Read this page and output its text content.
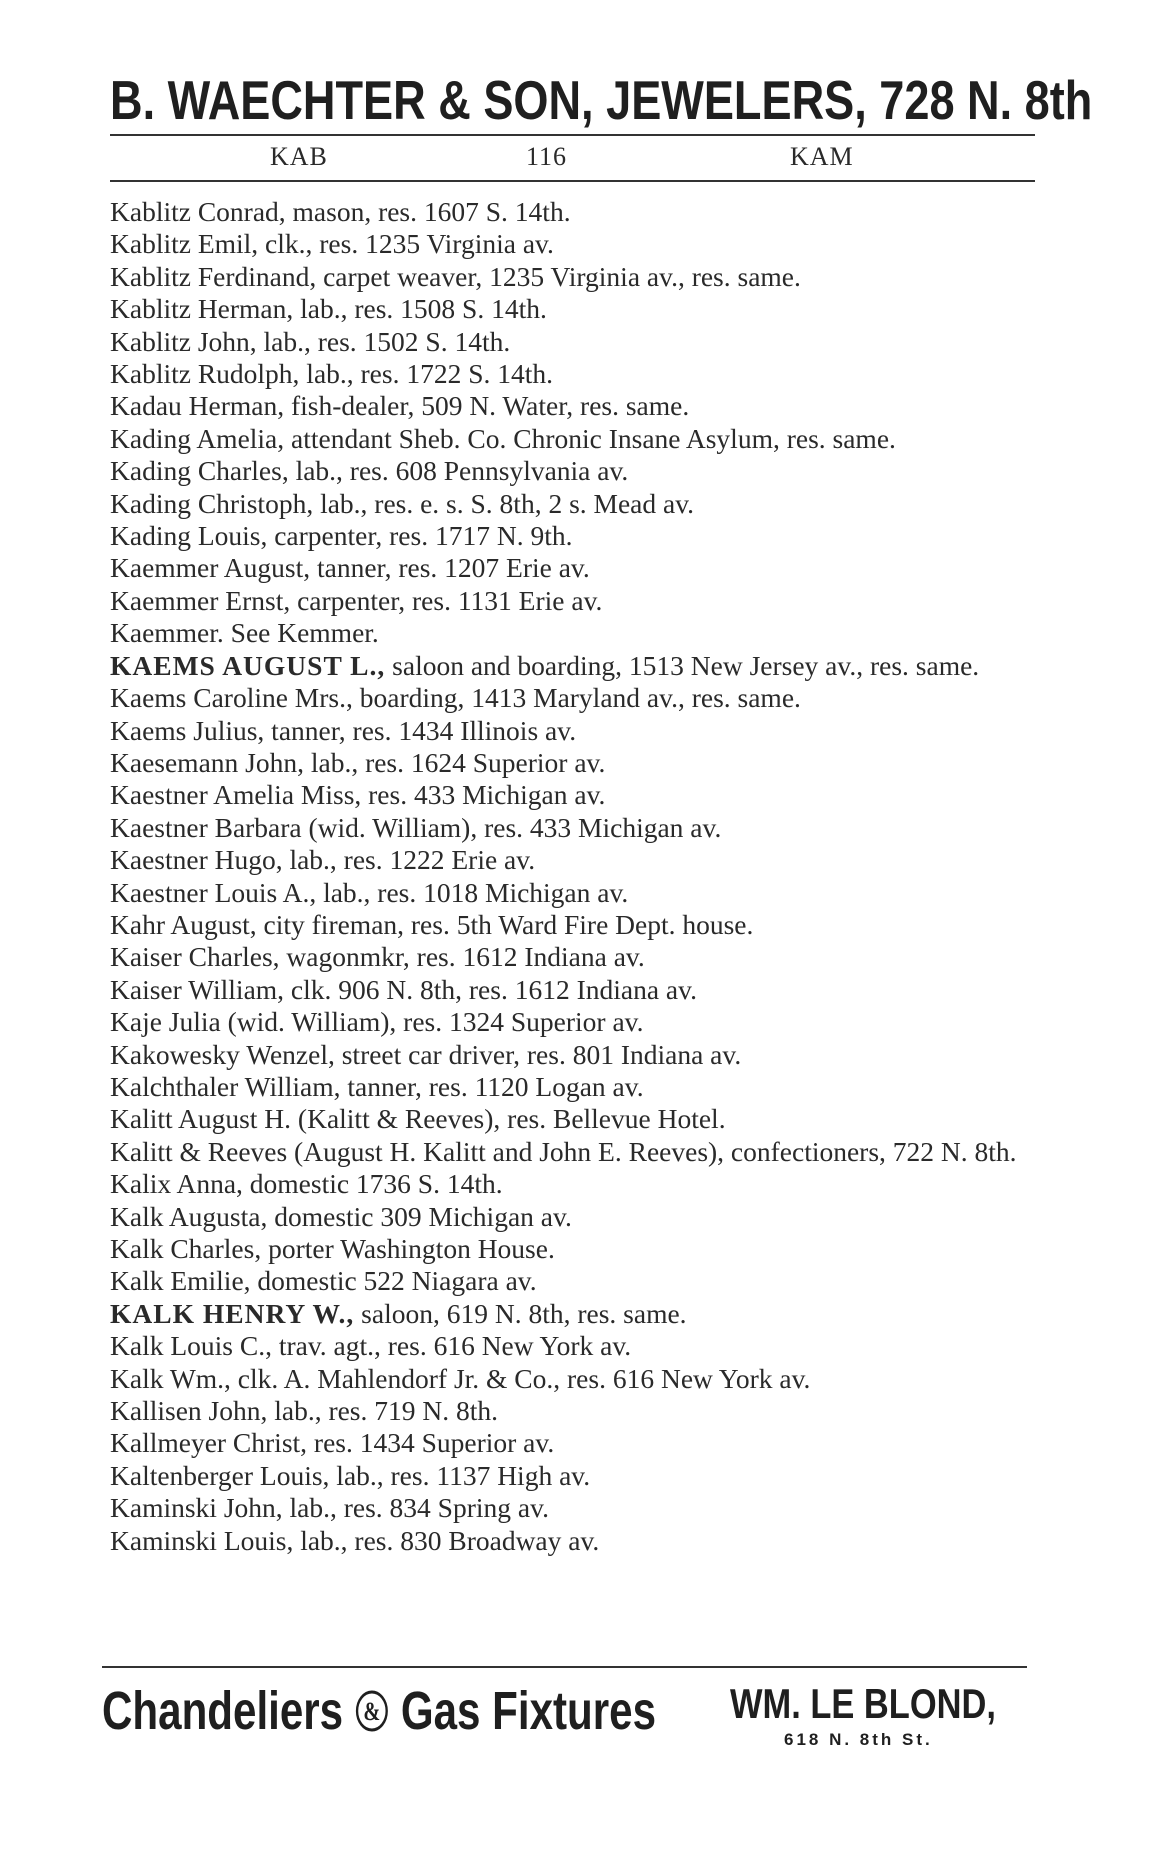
B. WAECHTER & SON, JEWELERS, 728 N. 8th
KAB	116	KAM

Kablitz Conrad, mason, res. 1607 S. 14th.

Kablitz Emil, clk., res. 1235 Virginia av.

Kablitz Ferdinand, carpet weaver, 1235 Virginia av., res. same.

Kablitz Herman, lab., res. 1508 S. 14th.

Kablitz John, lab., res. 1502 S. 14th.

Kablitz Rudolph, lab., res. 1722 S. 14th.

Kadau Herman, fish-dealer, 509 N. Water, res. same.

Kading Amelia, attendant Sheb. Co. Chronic Insane Asylum, res. same.

Kading Charles, lab., res. 608 Pennsylvania av.

Kading Christoph, lab., res. e. s. S. 8th, 2 s. Mead av.

Kading Louis, carpenter, res. 1717 N. 9th.

Kaemmer August, tanner, res. 1207 Erie av.

Kaemmer Ernst, carpenter, res. 1131 Erie av.

Kaemmer. See Kemmer.

KAEMS AUGUST L., saloon and boarding, 1513 New Jersey av., res. same.

Kaems Caroline Mrs., boarding, 1413 Maryland av., res. same.

Kaems Julius, tanner, res. 1434 Illinois av.

Kaesemann John, lab., res. 1624 Superior av.

Kaestner Amelia Miss, res. 433 Michigan av.

Kaestner Barbara (wid. William), res. 433 Michigan av.

Kaestner Hugo, lab., res. 1222 Erie av.

Kaestner Louis A., lab., res. 1018 Michigan av.

Kahr August, city fireman, res. 5th Ward Fire Dept. house.

Kaiser Charles, wagonmkr, res. 1612 Indiana av.

Kaiser William, clk. 906 N. 8th, res. 1612 Indiana av.

Kaje Julia (wid. William), res. 1324 Superior av.

Kakowesky Wenzel, street car driver, res. 801 Indiana av.

Kalchthaler William, tanner, res. 1120 Logan av.

Kalitt August H. (Kalitt & Reeves), res. Bellevue Hotel.

Kalitt & Reeves (August H. Kalitt and John E. Reeves), confectioners, 722 N. 8th.

Kalix Anna, domestic 1736 S. 14th.

Kalk Augusta, domestic 309 Michigan av.

Kalk Charles, porter Washington House.

Kalk Emilie, domestic 522 Niagara av.

KALK HENRY W., saloon, 619 N. 8th, res. same.

Kalk Louis C., trav. agt., res. 616 New York av.

Kalk Wm., clk. A. Mahlendorf Jr. & Co., res. 616 New York av.

Kallisen John, lab., res. 719 N. 8th.

Kallmeyer Christ, res. 1434 Superior av.

Kaltenberger Louis, lab., res. 1137 High av.

Kaminski John, lab., res. 834 Spring av.

Kaminski Louis, lab., res. 830 Broadway av.

Chandeliers & Gas Fixtures WM. LE BLOND,
618 N. 8th St.
